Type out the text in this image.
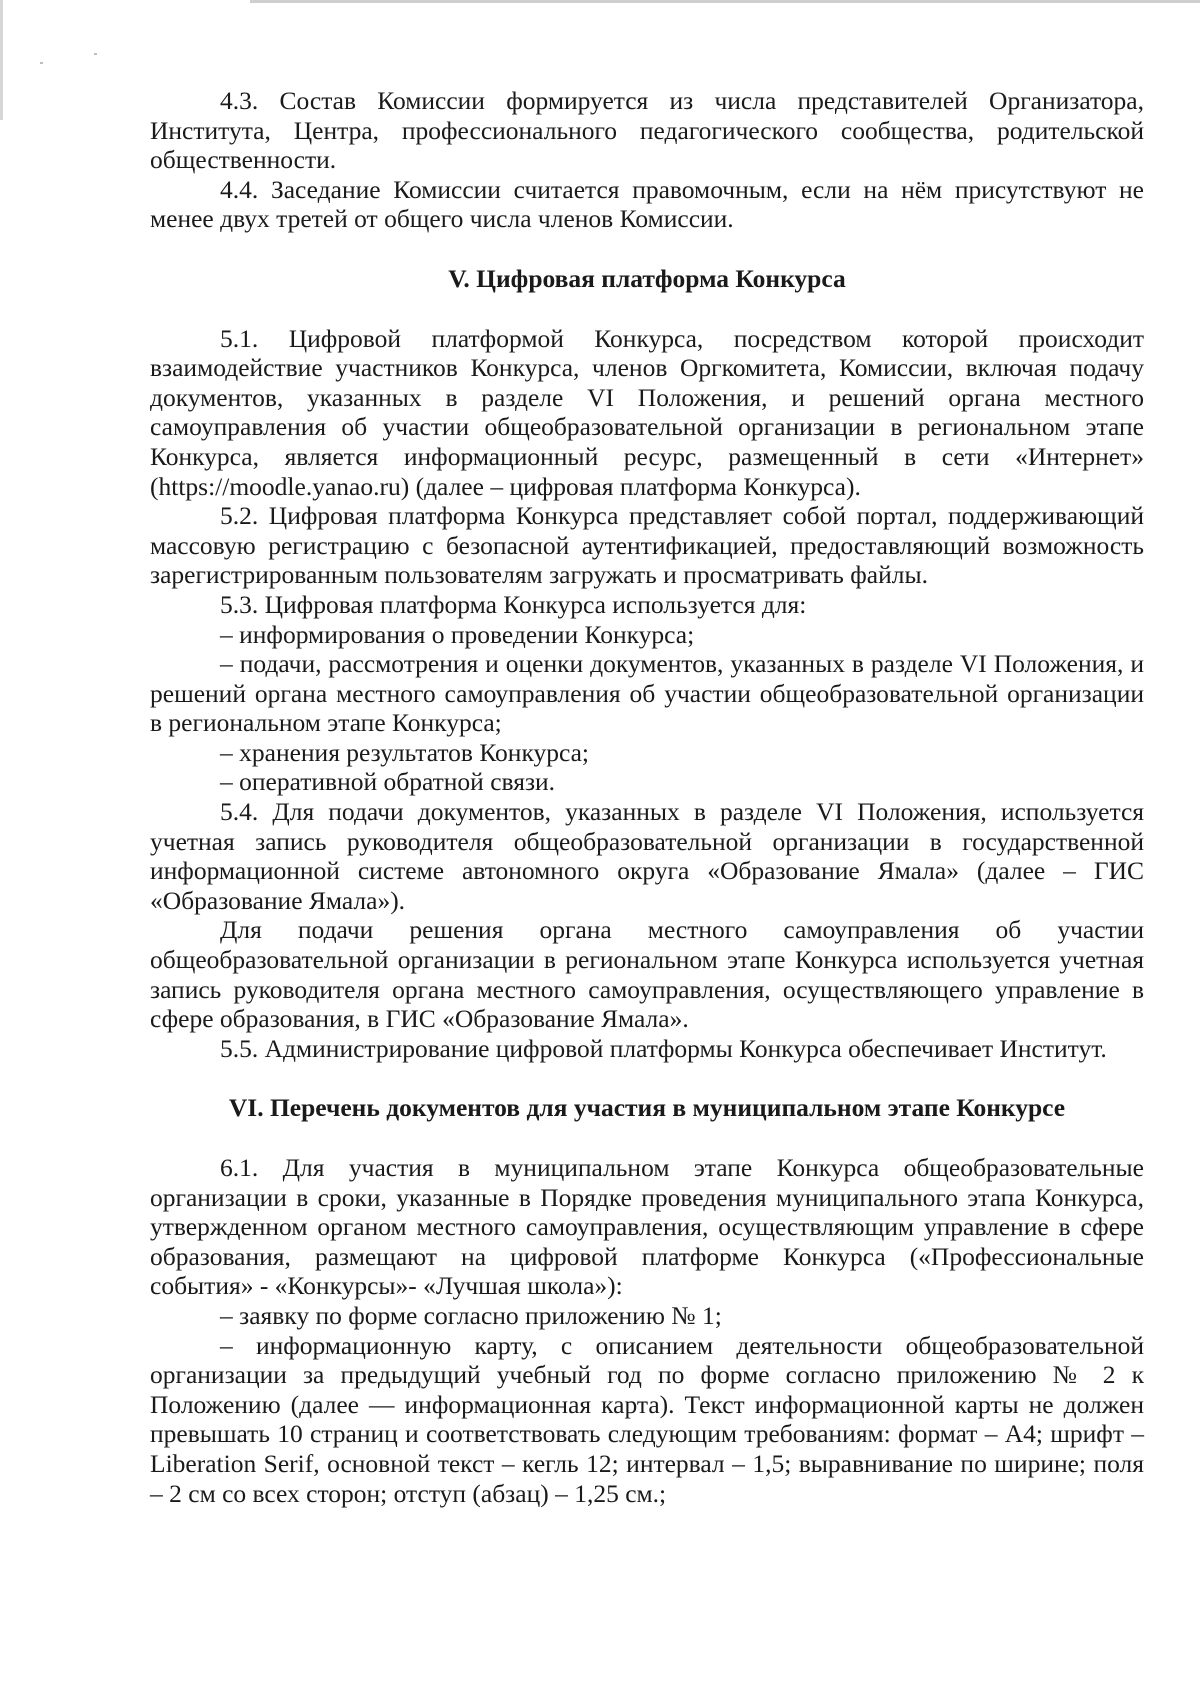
4.3. Состав Комиссии формируется из числа представителей Организатора, Института, Центра, профессионального педагогического сообщества, родительской общественности.

4.4. Заседание Комиссии считается правомочным, если на нём присутствуют не менее двух третей от общего числа членов Комиссии.

V. Цифровая платформа Конкурса

5.1. Цифровой платформой Конкурса, посредством которой происходит взаимодействие участников Конкурса, членов Оргкомитета, Комиссии, включая подачу документов, указанных в разделе VI Положения, и решений органа местного самоуправления об участии общеобразовательной организации в региональном этапе Конкурса, является информационный ресурс, размещенный в сети «Интернет» (https://moodle.yanao.ru) (далее – цифровая платформа Конкурса).

5.2. Цифровая платформа Конкурса представляет собой портал, поддерживающий массовую регистрацию с безопасной аутентификацией, предоставляющий возможность зарегистрированным пользователям загружать и просматривать файлы.

5.3. Цифровая платформа Конкурса используется для:

– информирования о проведении Конкурса;

– подачи, рассмотрения и оценки документов, указанных в разделе VI Положения, и решений органа местного самоуправления об участии общеобразовательной организации в региональном этапе Конкурса;

– хранения результатов Конкурса;

– оперативной обратной связи.

5.4. Для подачи документов, указанных в разделе VI Положения, используется учетная запись руководителя общеобразовательной организации в государственной информационной системе автономного округа «Образование Ямала» (далее – ГИС «Образование Ямала»).

Для подачи решения органа местного самоуправления об участии общеобразовательной организации в региональном этапе Конкурса используется учетная запись руководителя органа местного самоуправления, осуществляющего управление в сфере образования, в ГИС «Образование Ямала».

5.5. Администрирование цифровой платформы Конкурса обеспечивает Институт.

VI. Перечень документов для участия в муниципальном этапе Конкурсе

6.1. Для участия в муниципальном этапе Конкурса общеобразовательные организации в сроки, указанные в Порядке проведения муниципального этапа Конкурса, утвержденном органом местного самоуправления, осуществляющим управление в сфере образования, размещают на цифровой платформе Конкурса («Профессиональные события» - «Конкурсы»- «Лучшая школа»):

– заявку по форме согласно приложению № 1;

– информационную карту, с описанием деятельности общеобразовательной организации за предыдущий учебный год по форме согласно приложению № 2 к Положению (далее — информационная карта). Текст информационной карты не должен превышать 10 страниц и соответствовать следующим требованиям: формат – А4; шрифт – Liberation Serif, основной текст – кегль 12; интервал – 1,5; выравнивание по ширине; поля – 2 см со всех сторон; отступ (абзац) – 1,25 см.;
